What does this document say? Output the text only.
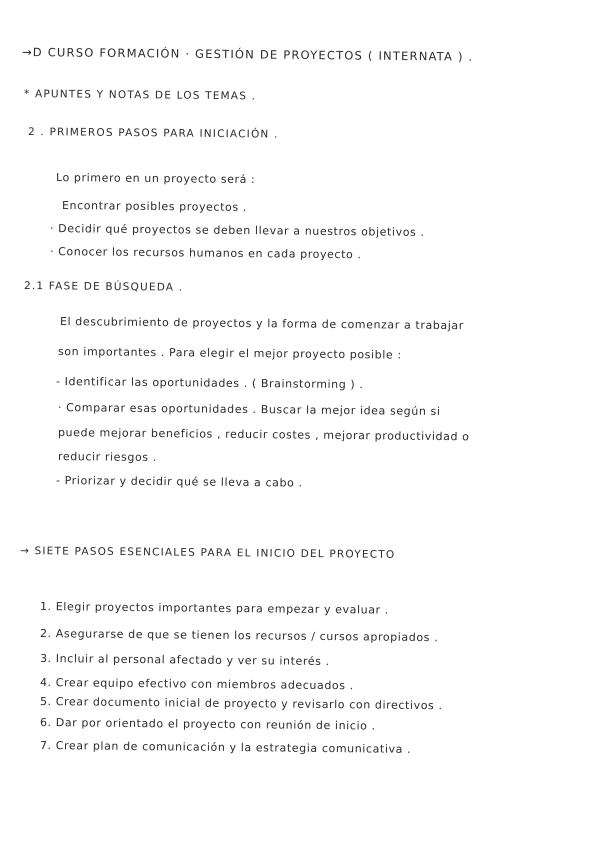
→D CURSO FORMACIÓN · GESTIÓN DE PROYECTOS ( INTERNATA ) .
* APUNTES Y NOTAS DE LOS TEMAS .
2 . PRIMEROS PASOS PARA INICIACIÓN .
Lo primero en un proyecto será :
Encontrar posibles proyectos .
· Decidir qué proyectos se deben llevar a nuestros objetivos .
· Conocer los recursos humanos en cada proyecto .
2.1 FASE DE BÚSQUEDA .
El descubrimiento de proyectos y la forma de comenzar a trabajar
son importantes . Para elegir el mejor proyecto posible :
- Identificar las oportunidades . ( Brainstorming ) .
· Comparar esas oportunidades . Buscar la mejor idea según si
puede mejorar beneficios , reducir costes , mejorar productividad o
reducir riesgos .
- Priorizar y decidir qué se lleva a cabo .
→ SIETE PASOS ESENCIALES PARA EL INICIO DEL PROYECTO
1. Elegir proyectos importantes para empezar y evaluar .
2. Asegurarse de que se tienen los recursos / cursos apropiados .
3. Incluir al personal afectado y ver su interés .
4. Crear equipo efectivo con miembros adecuados .
5. Crear documento inicial de proyecto y revisarlo con directivos .
6. Dar por orientado el proyecto con reunión de inicio .
7. Crear plan de comunicación y la estrategia comunicativa .
